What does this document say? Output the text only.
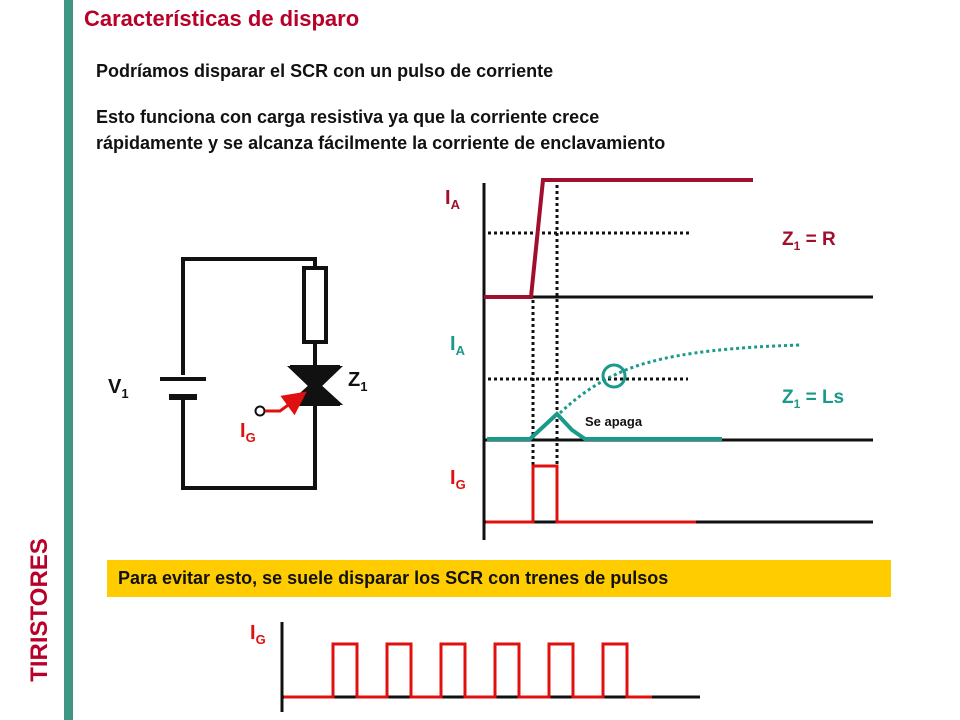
TIRISTORES
Características de disparo
Podríamos disparar el SCR con un pulso de corriente
Esto funciona con carga resistiva ya que la corriente crece
rápidamente y se alcanza fácilmente la corriente de enclavamiento
Para evitar esto, se suele disparar los SCR con trenes de pulsos
$V_1$
$Z_1$
$I_G$
$I_A$
$I_A$
$I_G$
$Z_1 = R$
$Z_1 = Ls$
Se apaga
$I_G$
